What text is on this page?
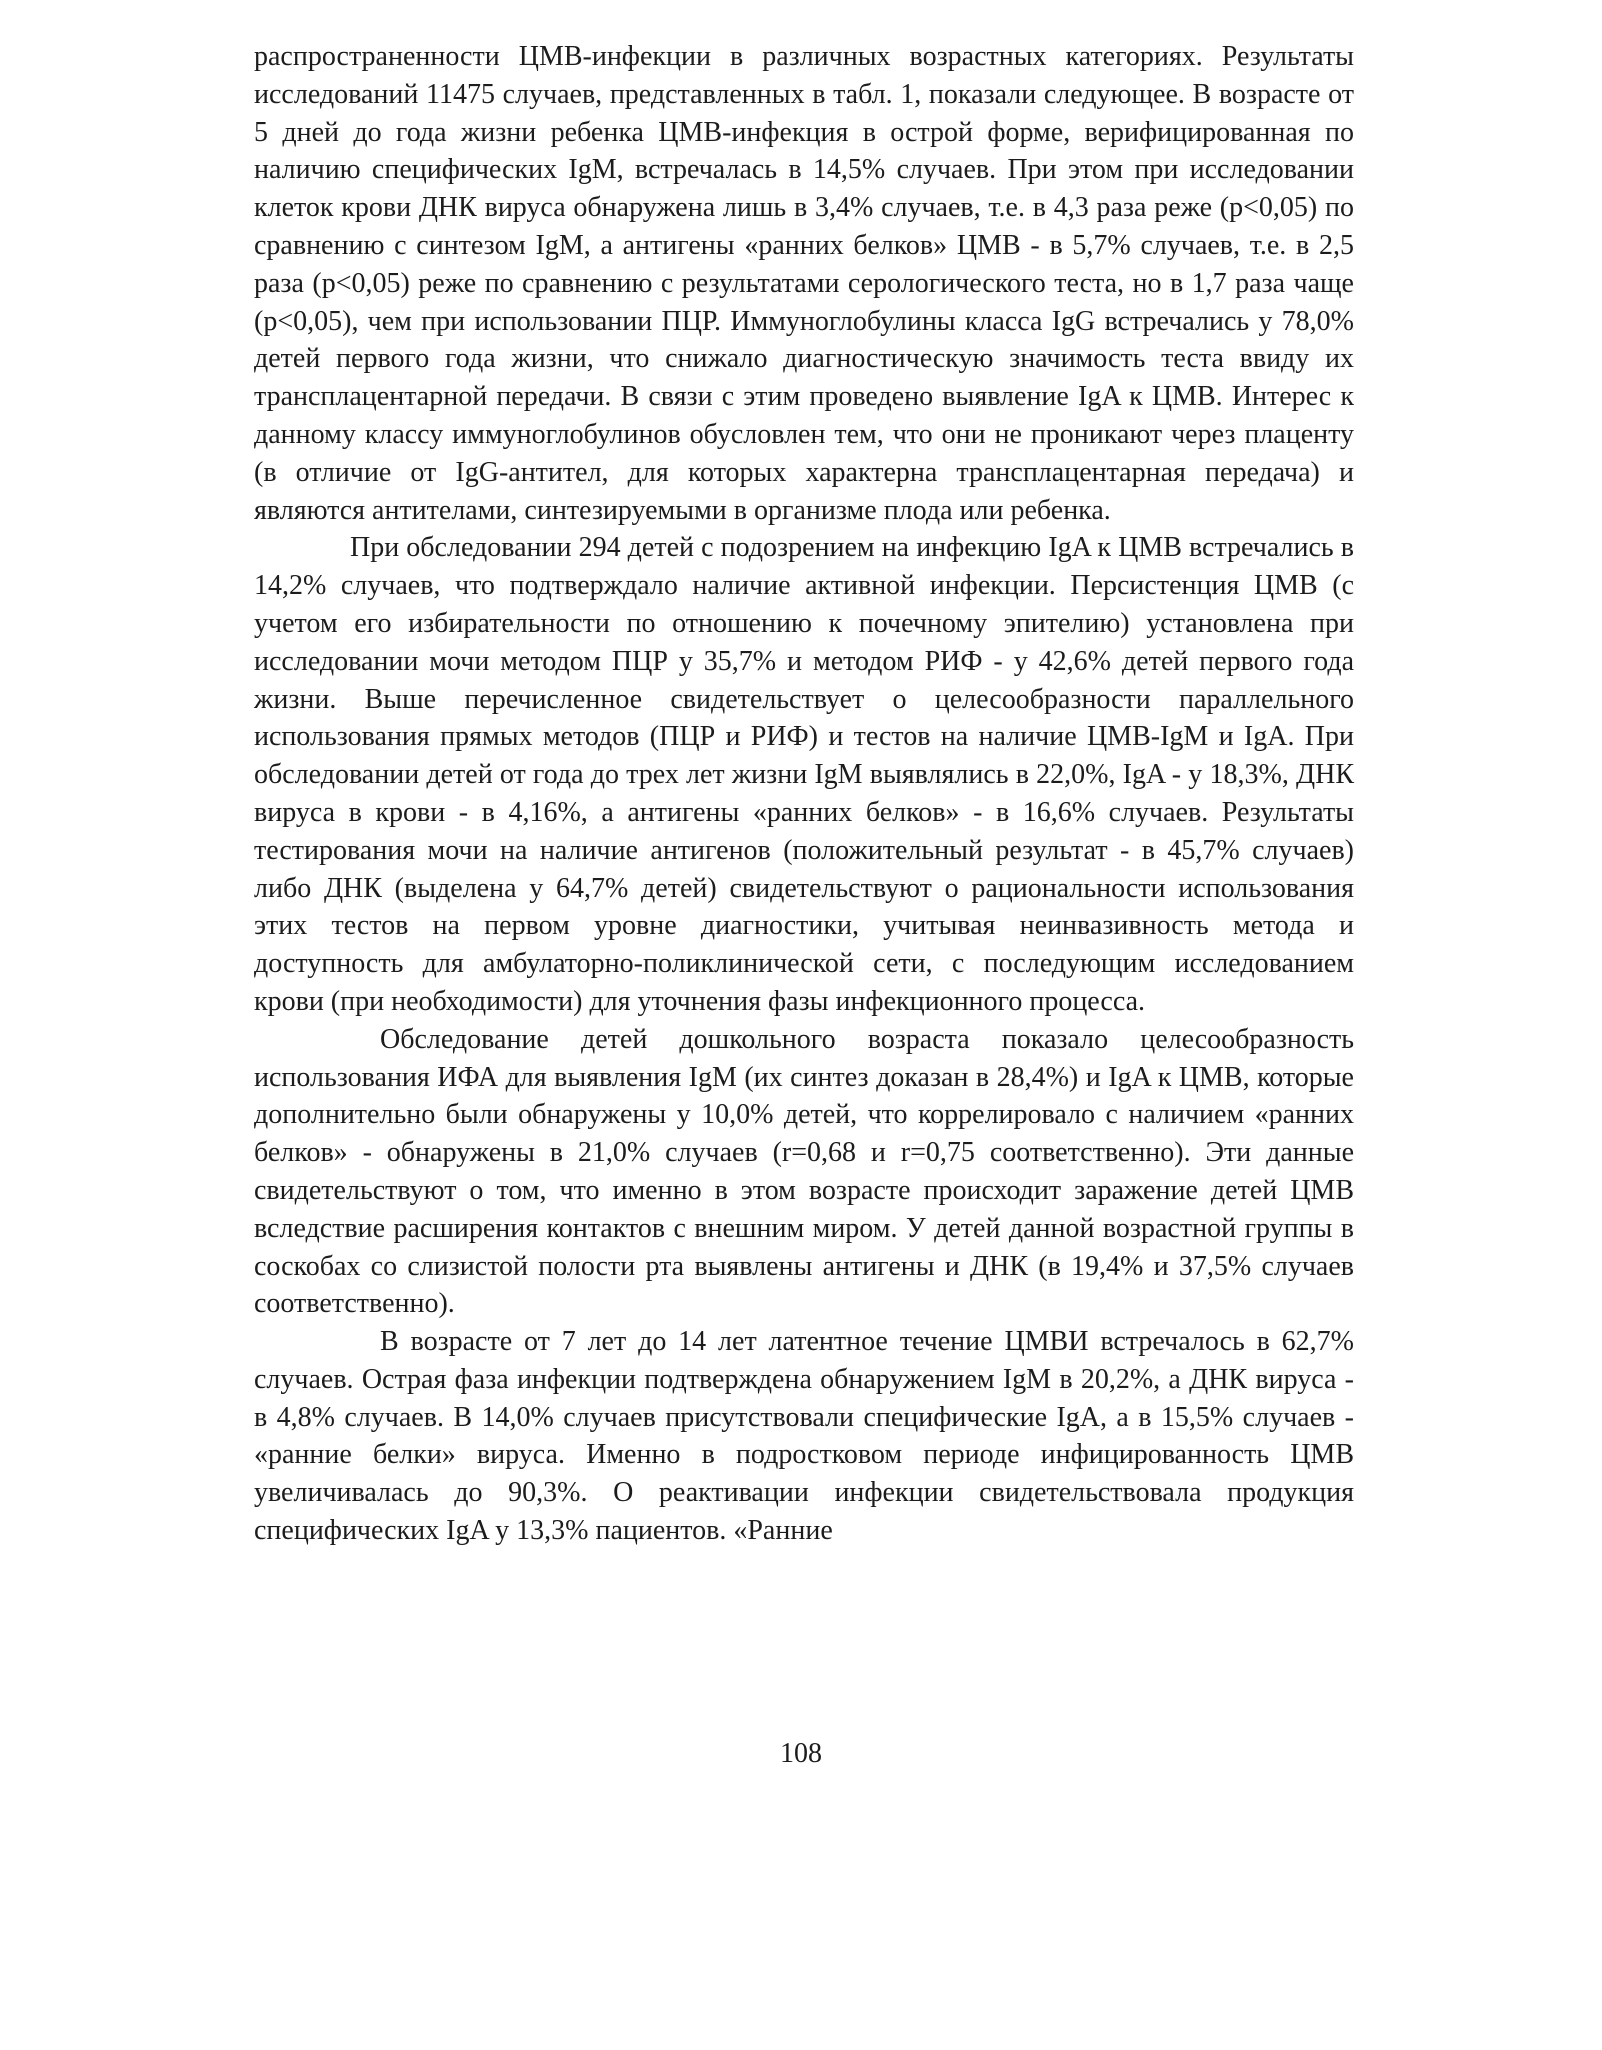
распространенности ЦМВ-инфекции в различных возрастных категориях. Результаты исследований 11475 случаев, представленных в табл. 1, показали следующее. В возрасте от 5 дней до года жизни ребенка ЦМВ-инфекция в острой форме, верифицированная по наличию специфических IgM, встречалась в 14,5% случаев. При этом при исследовании клеток крови ДНК вируса обнаружена лишь в 3,4% случаев, т.е. в 4,3 раза реже (р<0,05) по сравнению с синтезом IgM, а антигены «ранних белков» ЦМВ - в 5,7% случаев, т.е. в 2,5 раза (р<0,05) реже по сравнению с результатами серологического теста, но в 1,7 раза чаще (р<0,05), чем при использовании ПЦР. Иммуноглобулины класса IgG встречались у 78,0% детей первого года жизни, что снижало диагностическую значимость теста ввиду их трансплацентарной передачи. В связи с этим проведено выявление IgA к ЦМВ. Интерес к данному классу иммуноглобулинов обусловлен тем, что они не проникают через плаценту (в отличие от IgG-антител, для которых характерна трансплацентарная передача) и являются антителами, синтезируемыми в организме плода или ребенка.

При обследовании 294 детей с подозрением на инфекцию IgA к ЦМВ встречались в 14,2% случаев, что подтверждало наличие активной инфекции. Персистенция ЦМВ (с учетом его избирательности по отношению к почечному эпителию) установлена при исследовании мочи методом ПЦР у 35,7% и методом РИФ - у 42,6% детей первого года жизни. Выше перечисленное свидетельствует о целесообразности параллельного использования прямых методов (ПЦР и РИФ) и тестов на наличие ЦМВ-IgM и IgA. При обследовании детей от года до трех лет жизни IgM выявлялись в 22,0%, IgA - у 18,3%, ДНК вируса в крови - в 4,16%, а антигены «ранних белков» - в 16,6% случаев. Результаты тестирования мочи на наличие антигенов (положительный результат - в 45,7% случаев) либо ДНК (выделена у 64,7% детей) свидетельствуют о рациональности использования этих тестов на первом уровне диагностики, учитывая неинвазивность метода и доступность для амбулаторно-поликлинической сети, с последующим исследованием крови (при необходимости) для уточнения фазы инфекционного процесса.

Обследование детей дошкольного возраста показало целесообразность использования ИФА для выявления IgM (их синтез доказан в 28,4%) и IgA к ЦМВ, которые дополнительно были обнаружены у 10,0% детей, что коррелировало с наличием «ранних белков» - обнаружены в 21,0% случаев (r=0,68 и r=0,75 соответственно). Эти данные свидетельствуют о том, что именно в этом возрасте происходит заражение детей ЦМВ вследствие расширения контактов с внешним миром. У детей данной возрастной группы в соскобах со слизистой полости рта выявлены антигены и ДНК (в 19,4% и 37,5% случаев соответственно).

В возрасте от 7 лет до 14 лет латентное течение ЦМВИ встречалось в 62,7% случаев. Острая фаза инфекции подтверждена обнаружением IgM в 20,2%, а ДНК вируса - в 4,8% случаев. В 14,0% случаев присутствовали специфические IgA, а в 15,5% случаев - «ранние белки» вируса. Именно в подростковом периоде инфицированность ЦМВ увеличивалась до 90,3%. О реактивации инфекции свидетельствовала продукция специфических IgA у 13,3% пациентов. «Ранние

108
